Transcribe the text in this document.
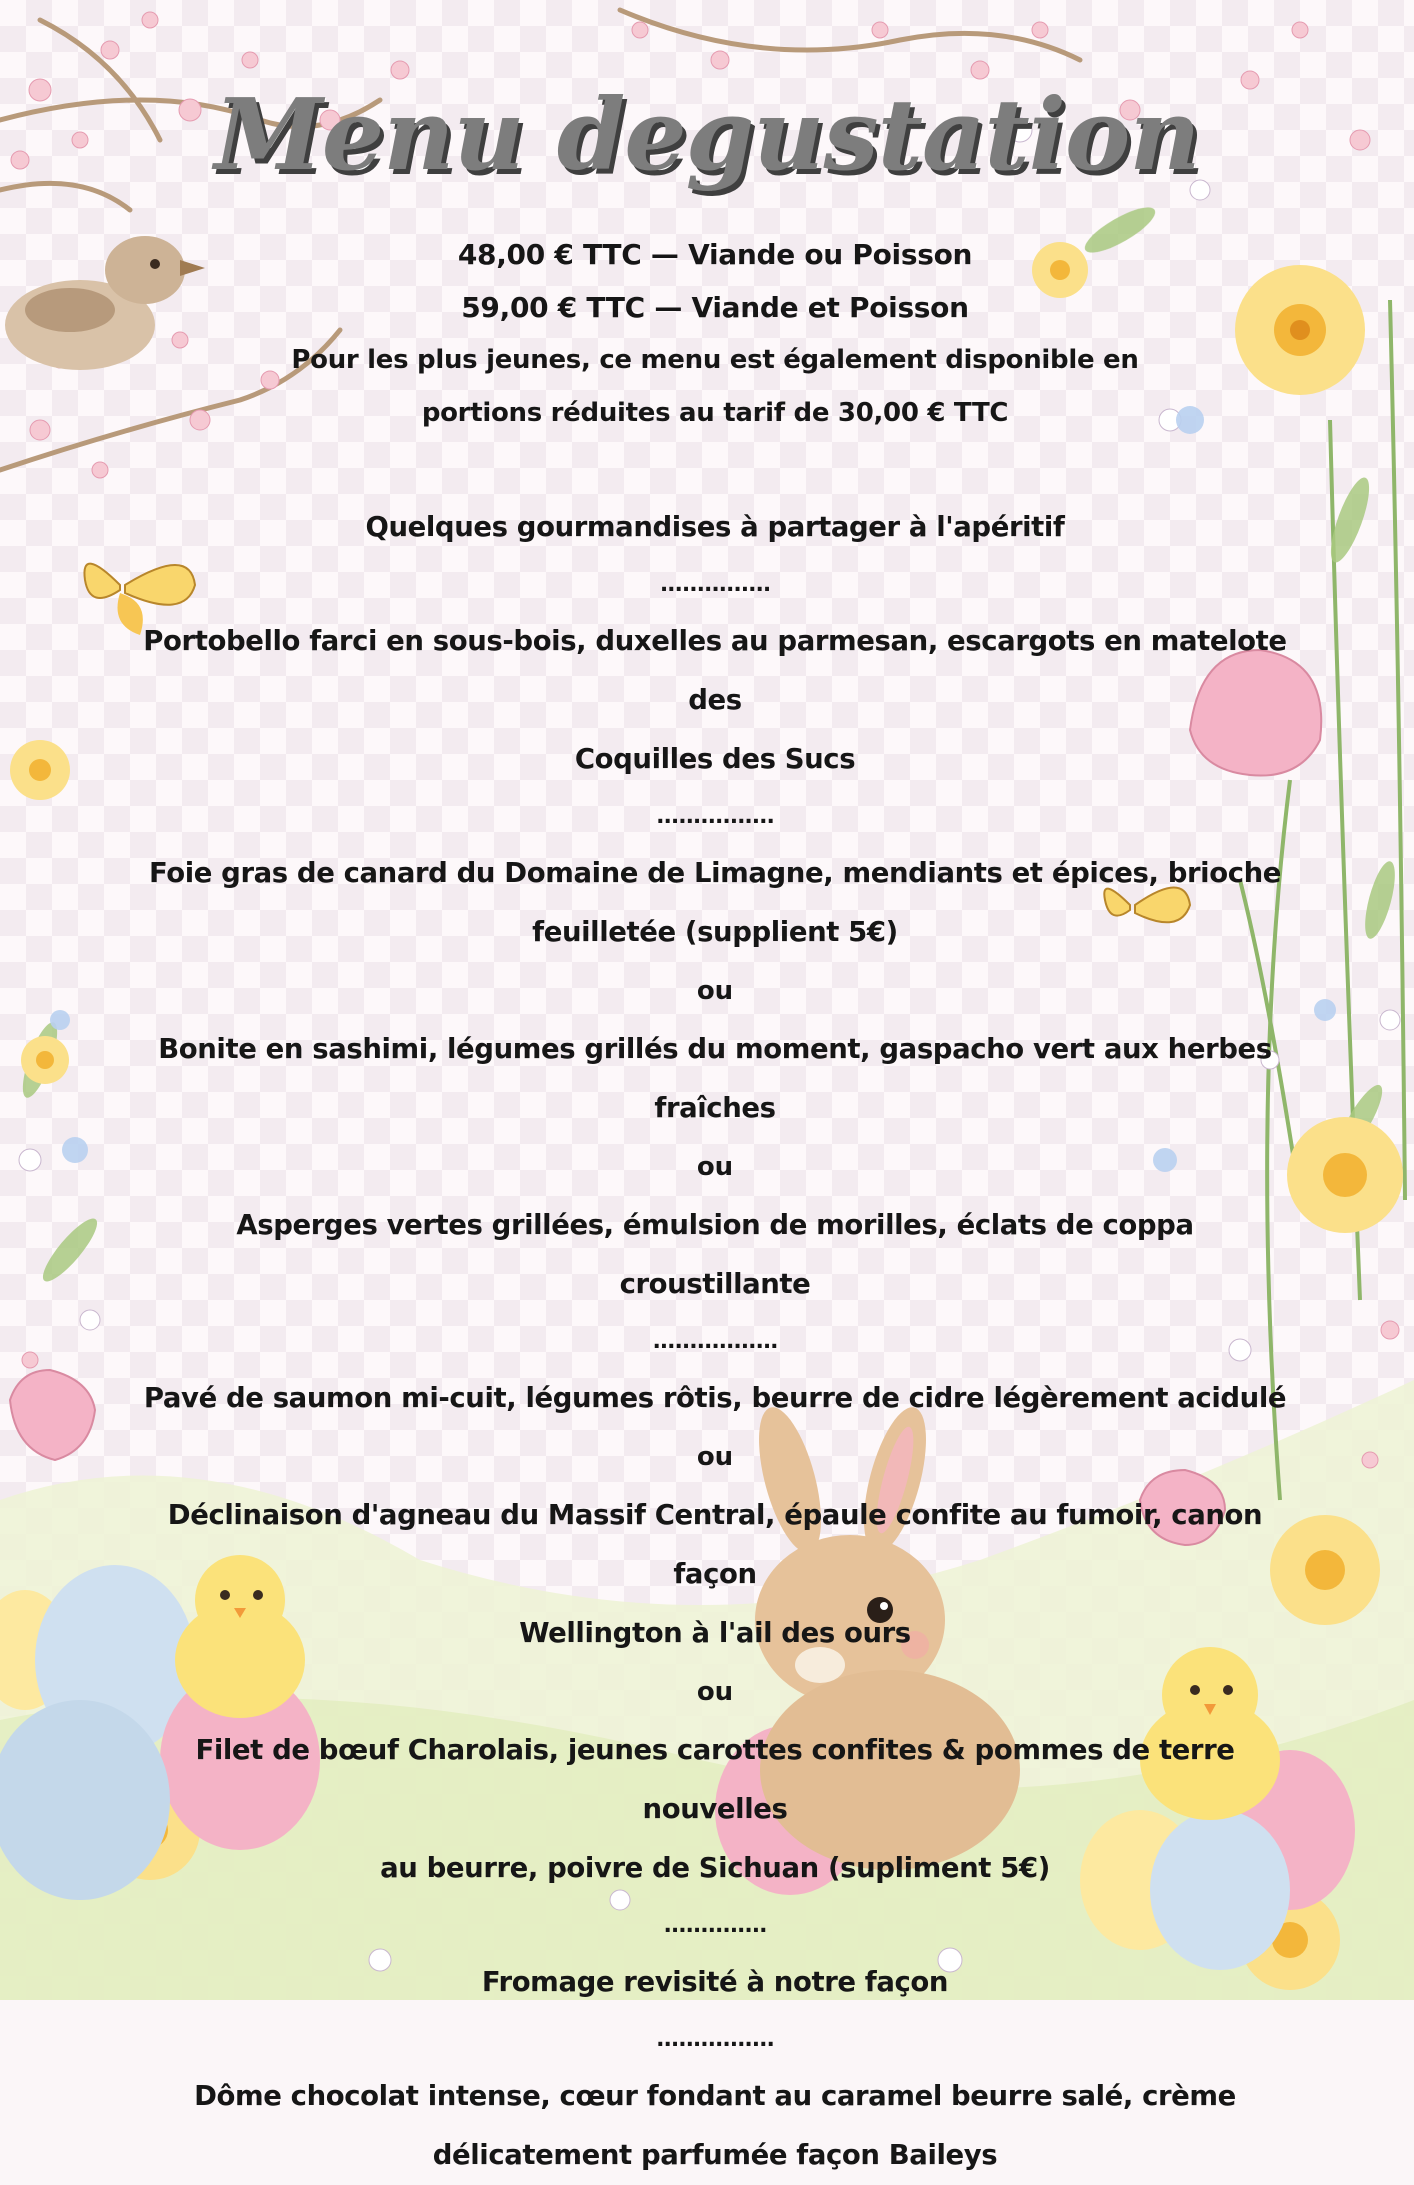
Menu degustation
48,00 € TTC — Viande ou Poisson
59,00 € TTC — Viande et Poisson
Pour les plus jeunes, ce menu est également disponible en
portions réduites au tarif de 30,00 € TTC
Quelques gourmandises à partager à l'apéritif
...............
Portobello farci en sous-bois, duxelles au parmesan, escargots en matelote des
Coquilles des Sucs
................
Foie gras de canard du Domaine de Limagne, mendiants et épices, brioche
feuilletée (supplient 5€)
ou
Bonite en sashimi, légumes grillés du moment, gaspacho vert aux herbes fraîches
ou
Asperges vertes grillées, émulsion de morilles, éclats de coppa croustillante
.................
Pavé de saumon mi-cuit, légumes rôtis, beurre de cidre légèrement acidulé
ou
Déclinaison d'agneau du Massif Central, épaule confite au fumoir, canon façon
Wellington à l'ail des ours
ou
Filet de bœuf Charolais, jeunes carottes confites & pommes de terre nouvelles
au beurre, poivre de Sichuan (supliment 5€)
..............
Fromage revisité à notre façon
................
Dôme chocolat intense, cœur fondant au caramel beurre salé, crème
délicatement parfumée façon Baileys
